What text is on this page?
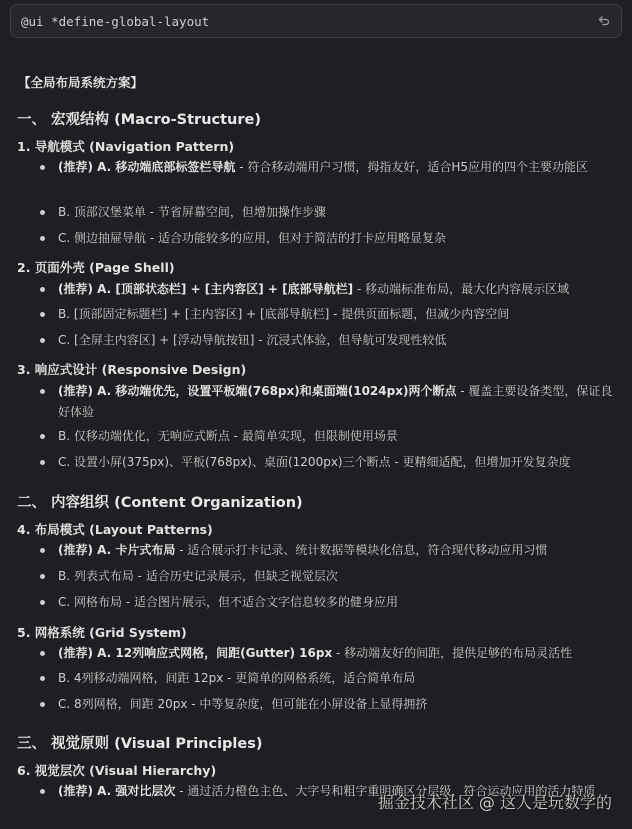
@ui *define-global-layout
【全局布局系统方案】
一、 宏观结构 (Macro-Structure)
1. 导航模式 (Navigation Pattern)
(推荐) A. 移动端底部标签栏导航 - 符合移动端用户习惯，拇指友好，适合H5应用的四个主要功能区
B. 顶部汉堡菜单 - 节省屏幕空间，但增加操作步骤
C. 侧边抽屉导航 - 适合功能较多的应用，但对于简洁的打卡应用略显复杂
2. 页面外壳 (Page Shell)
(推荐) A. [顶部状态栏] + [主内容区] + [底部导航栏] - 移动端标准布局，最大化内容展示区域
B. [顶部固定标题栏] + [主内容区] + [底部导航栏] - 提供页面标题，但减少内容空间
C. [全屏主内容区] + [浮动导航按钮] - 沉浸式体验，但导航可发现性较低
3. 响应式设计 (Responsive Design)
(推荐) A. 移动端优先，设置平板端(768px)和桌面端(1024px)两个断点 - 覆盖主要设备类型，保证良好体验
B. 仅移动端优化，无响应式断点 - 最简单实现，但限制使用场景
C. 设置小屏(375px)、平板(768px)、桌面(1200px)三个断点 - 更精细适配，但增加开发复杂度
二、 内容组织 (Content Organization)
4. 布局模式 (Layout Patterns)
(推荐) A. 卡片式布局 - 适合展示打卡记录、统计数据等模块化信息，符合现代移动应用习惯
B. 列表式布局 - 适合历史记录展示，但缺乏视觉层次
C. 网格布局 - 适合图片展示，但不适合文字信息较多的健身应用
5. 网格系统 (Grid System)
(推荐) A. 12列响应式网格，间距(Gutter) 16px - 移动端友好的间距，提供足够的布局灵活性
B. 4列移动端网格，间距 12px - 更简单的网格系统，适合简单布局
C. 8列网格，间距 20px - 中等复杂度，但可能在小屏设备上显得拥挤
三、 视觉原则 (Visual Principles)
6. 视觉层次 (Visual Hierarchy)
(推荐) A. 强对比层次 - 通过活力橙色主色、大字号和粗字重明确区分层级，符合运动应用的活力特质
掘金技术社区 @ 这人是玩数学的
